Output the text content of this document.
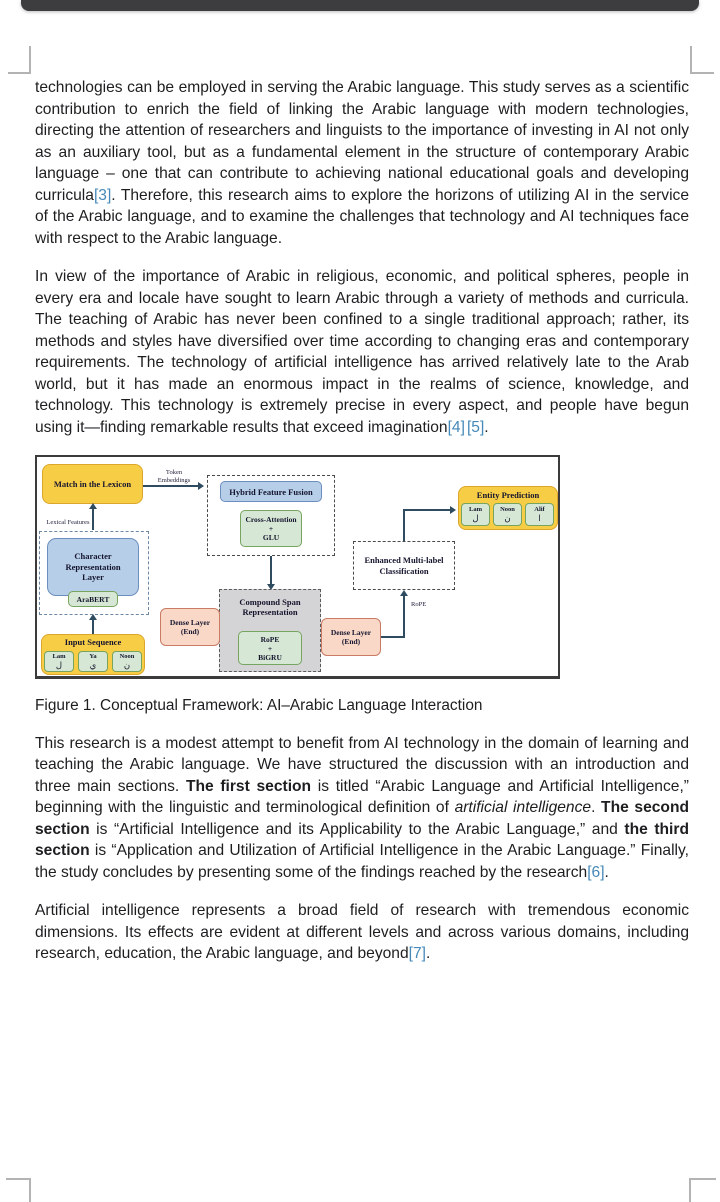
technologies can be employed in serving the Arabic language. This study serves as a scientific contribution to enrich the field of linking the Arabic language with modern technologies, directing the attention of researchers and linguists to the importance of investing in AI not only as an auxiliary tool, but as a fundamental element in the structure of contemporary Arabic language – one that can contribute to achieving national educational goals and developing curricula[3]. Therefore, this research aims to explore the horizons of utilizing AI in the service of the Arabic language, and to examine the challenges that technology and AI techniques face with respect to the Arabic language.

In view of the importance of Arabic in religious, economic, and political spheres, people in every era and locale have sought to learn Arabic through a variety of methods and curricula. The teaching of Arabic has never been confined to a single traditional approach; rather, its methods and styles have diversified over time according to changing eras and contemporary requirements. The technology of artificial intelligence has arrived relatively late to the Arab world, but it has made an enormous impact in the realms of science, knowledge, and technology. This technology is extremely precise in every aspect, and people have begun using it—finding remarkable results that exceed imagination[4] [5].

Match in the Lexicon
Token
Embeddings
Lexical Features
Character
Representation
Layer
AraBERT
Input Sequence
Lam
ل
Ya
ي
Noon
ن
Hybrid Feature Fusion
Cross-Attention
+
GLU
Compound Span
Representation
RoPE
+
BiGRU
Dense Layer
(End)	Dense Layer
(End)
RoPE
Enhanced Multi-label
Classification
Entity Prediction
Lam
ل
Noon
ن
Alif
ا

Figure 1. Conceptual Framework: AI–Arabic Language Interaction

This research is a modest attempt to benefit from AI technology in the domain of learning and teaching the Arabic language. We have structured the discussion with an introduction and three main sections. The first section is titled “Arabic Language and Artificial Intelligence,” beginning with the linguistic and terminological definition of artificial intelligence. The second section is “Artificial Intelligence and its Applicability to the Arabic Language,” and the third section is “Application and Utilization of Artificial Intelligence in the Arabic Language.” Finally, the study concludes by presenting some of the findings reached by the research[6].

Artificial intelligence represents a broad field of research with tremendous economic dimensions. Its effects are evident at different levels and across various domains, including research, education, the Arabic language, and beyond[7].
